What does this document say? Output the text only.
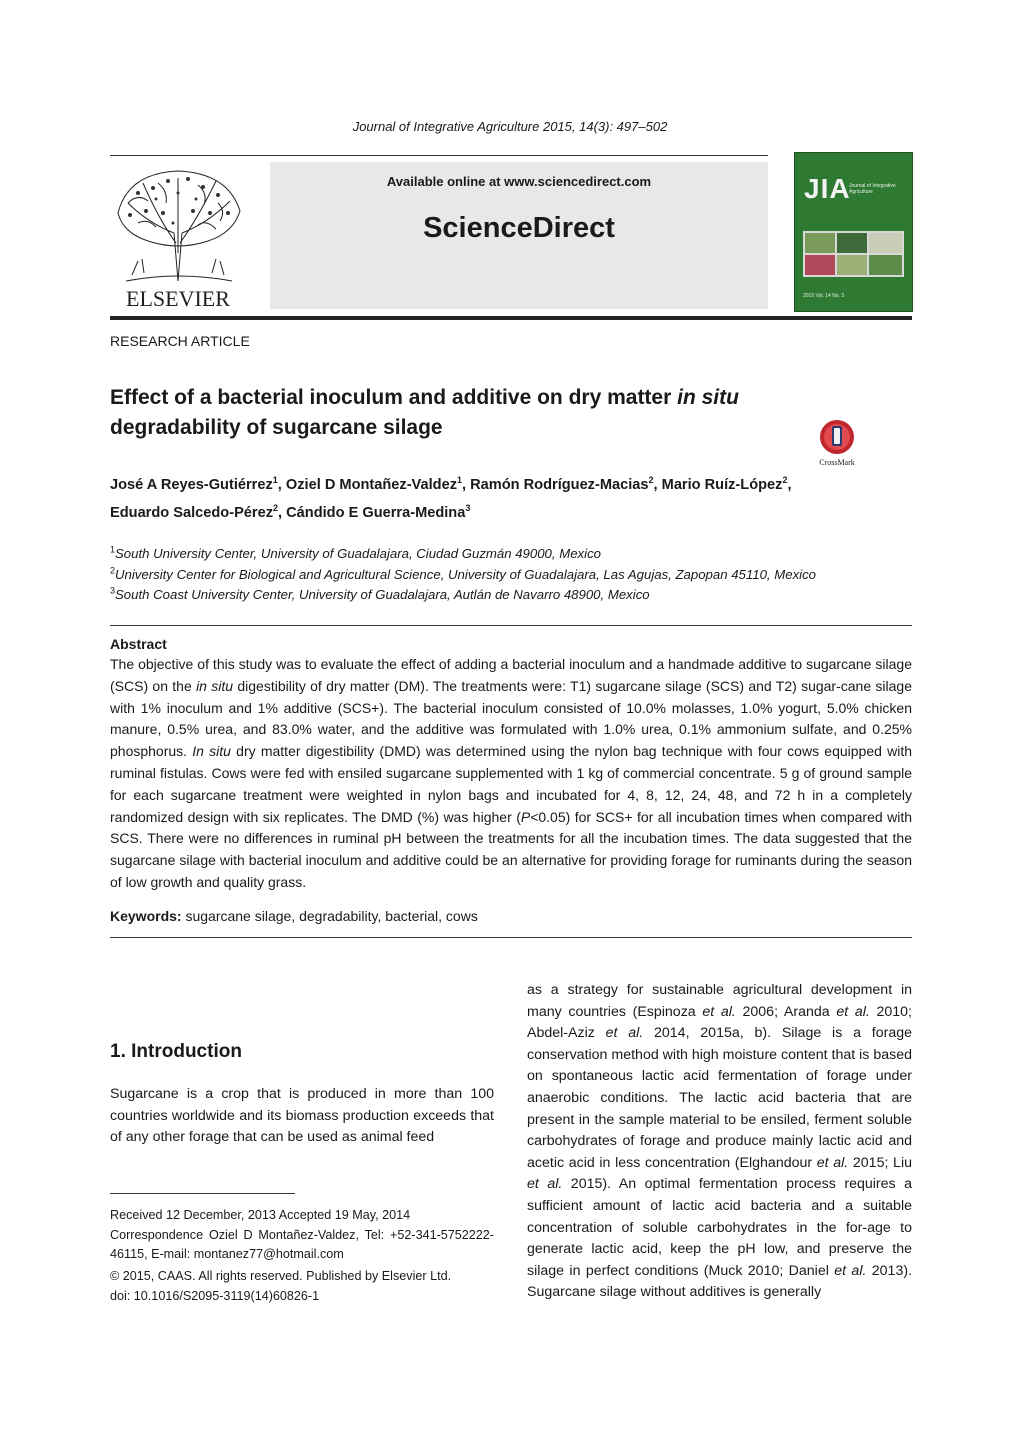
Journal of Integrative Agriculture 2015, 14(3): 497–502
ELSEVIER
Available online at www.sciencedirect.com
ScienceDirect
JIA
Journal of Integrative Agriculture
2015 Vol. 14 No. 3
RESEARCH ARTICLE
Effect of a bacterial inoculum and additive on dry matter in situ
degradability of sugarcane silage
CrossMark
José A Reyes-Gutiérrez$^1$, Oziel D Montañez-Valdez$^1$, Ramón Rodríguez-Macias$^2$, Mario Ruíz-López$^2$,
Eduardo Salcedo-Pérez$^2$, Cándido E Guerra-Medina$^3$
$^1$South University Center, University of Guadalajara, Ciudad Guzmán 49000, Mexico
$^2$University Center for Biological and Agricultural Science, University of Guadalajara, Las Agujas, Zapopan 45110, Mexico
$^3$South Coast University Center, University of Guadalajara, Autlán de Navarro 48900, Mexico
Abstract
The objective of this study was to evaluate the effect of adding a bacterial inoculum and a handmade additive to sugarcane silage (SCS) on the in situ digestibility of dry matter (DM). The treatments were: T1) sugarcane silage (SCS) and T2) sugar-cane silage with 1% inoculum and 1% additive (SCS+). The bacterial inoculum consisted of 10.0% molasses, 1.0% yogurt, 5.0% chicken manure, 0.5% urea, and 83.0% water, and the additive was formulated with 1.0% urea, 0.1% ammonium sulfate, and 0.25% phosphorus. In situ dry matter digestibility (DMD) was determined using the nylon bag technique with four cows equipped with ruminal fistulas. Cows were fed with ensiled sugarcane supplemented with 1 kg of commercial concentrate. 5 g of ground sample for each sugarcane treatment were weighted in nylon bags and incubated for 4, 8, 12, 24, 48, and 72 h in a completely randomized design with six replicates. The DMD (%) was higher (P<0.05) for SCS+ for all incubation times when compared with SCS. There were no differences in ruminal pH between the treatments for all the incubation times. The data suggested that the sugarcane silage with bacterial inoculum and additive could be an alternative for providing forage for ruminants during the season of low growth and quality grass.
Keywords: sugarcane silage, degradability, bacterial, cows
1. Introduction
Sugarcane is a crop that is produced in more than 100 countries worldwide and its biomass production exceeds that of any other forage that can be used as animal feed
as a strategy for sustainable agricultural development in many countries (Espinoza et al. 2006; Aranda et al. 2010; Abdel-Aziz et al. 2014, 2015a, b). Silage is a forage conservation method with high moisture content that is based on spontaneous lactic acid fermentation of forage under anaerobic conditions. The lactic acid bacteria that are present in the sample material to be ensiled, ferment soluble carbohydrates of forage and produce mainly lactic acid and acetic acid in less concentration (Elghandour et al. 2015; Liu et al. 2015). An optimal fermentation process requires a sufficient amount of lactic acid bacteria and a suitable concentration of soluble carbohydrates in the for-age to generate lactic acid, keep the pH low, and preserve the silage in perfect conditions (Muck 2010; Daniel et al. 2013). Sugarcane silage without additives is generally

Received 12 December, 2013 Accepted 19 May, 2014

Correspondence Oziel D Montañez-Valdez, Tel: +52-341-5752222-46115, E-mail: montanez77@hotmail.com

© 2015, CAAS. All rights reserved. Published by Elsevier Ltd.

doi: 10.1016/S2095-3119(14)60826-1
